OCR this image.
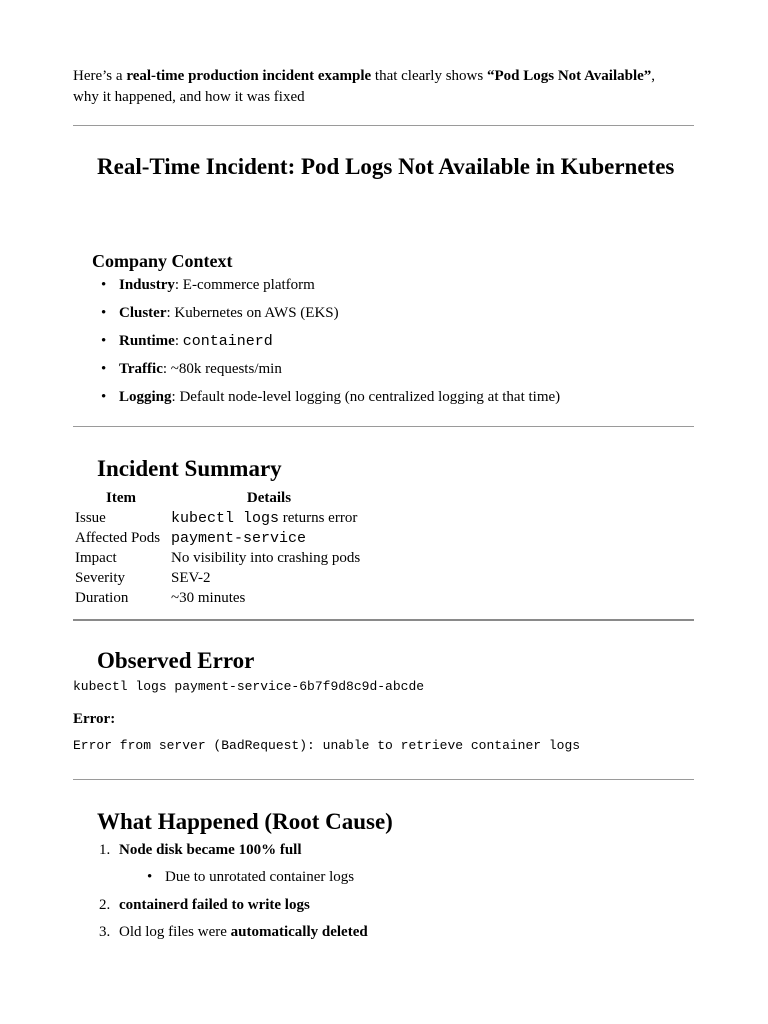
Here’s a real-time production incident example that clearly shows “Pod Logs Not Available”,
why it happened, and how it was fixed
Real-Time Incident: Pod Logs Not Available in Kubernetes
Company Context
• Industry: E-commerce platform
• Cluster: Kubernetes on AWS (EKS)
• Runtime: containerd
• Traffic: ~80k requests/min
• Logging: Default node-level logging (no centralized logging at that time)
Incident Summary
Item	Details
Issue	kubectl logs returns error
Affected Pods	payment-service
Impact	No visibility into crashing pods
Severity	SEV-2
Duration	~30 minutes
Observed Error
kubectl logs payment-service-6b7f9d8c9d-abcde
Error:
Error from server (BadRequest): unable to retrieve container logs
What Happened (Root Cause)
1. Node disk became 100% full
• Due to unrotated container logs
2. containerd failed to write logs
3. Old log files were automatically deleted
